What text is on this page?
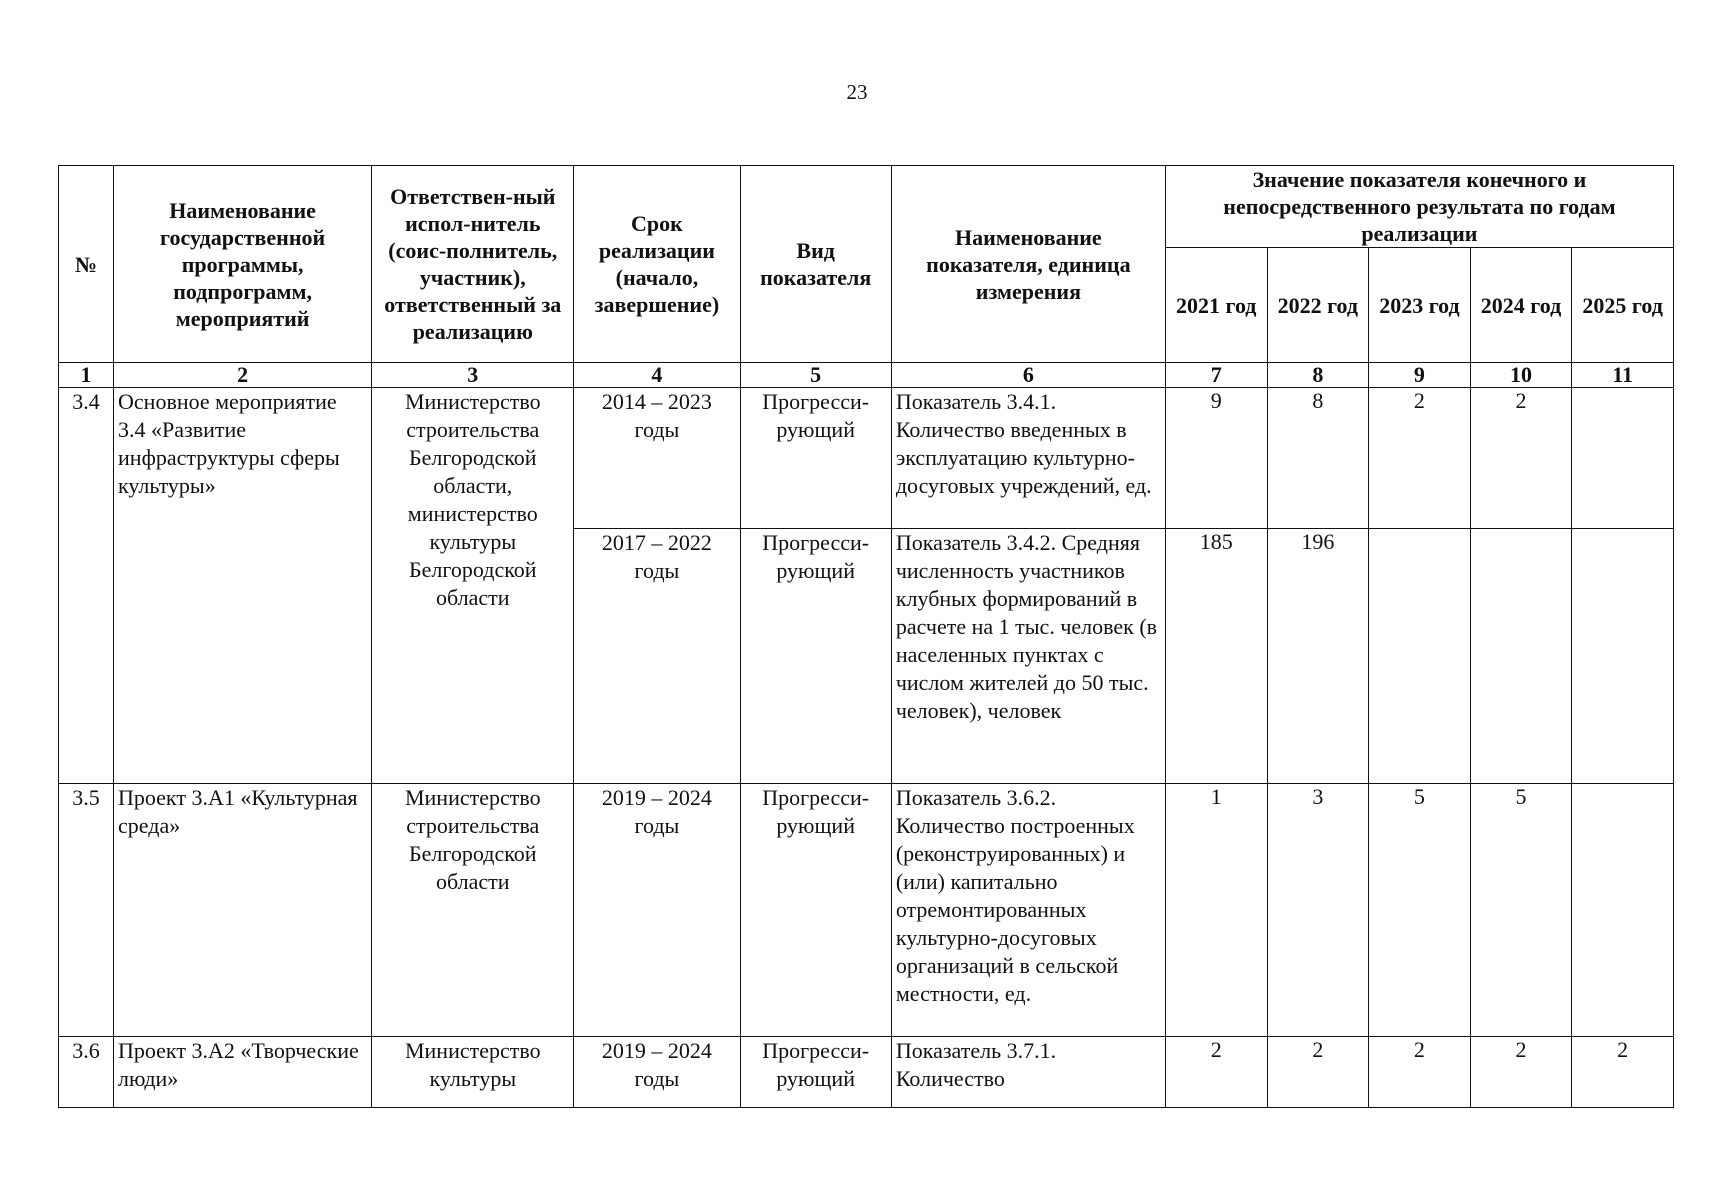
23
№	Наименование государственной программы, подпрограмм, мероприятий	Ответствен-ный испол-нитель (соис-полнитель, участник), ответственный за реализацию	Срок реализации (начало, завершение)	Вид показателя	Наименование показателя, единица измерения	Значение показателя конечного и непосредственного результата по годам реализации				
						2021 год	2022 год	2023 год	2024 год	2025 год
1	2	3	4	5	6	7	8	9	10	11
3.4	Основное мероприятие 3.4 «Развитие инфраструктуры сферы культуры»	Министерство строительства Белгородской области, министерство культуры Белгородской области	2014 – 2023 годы	Прогресси-рующий	Показатель 3.4.1. Количество введенных в эксплуатацию культурно-досуговых учреждений, ед.	9	8	2	2	
			2017 – 2022 годы	Прогресси-рующий	Показатель 3.4.2. Средняя численность участников клубных формирований в расчете на 1 тыс. человек (в населенных пунктах с числом жителей до 50 тыс. человек), человек	185	196			
3.5	Проект 3.А1 «Культурная среда»	Министерство строительства Белгородской области	2019 – 2024 годы	Прогресси-рующий	Показатель 3.6.2. Количество построенных (реконструированных) и (или) капитально отремонтированных культурно-досуговых организаций в сельской местности, ед.	1	3	5	5	
3.6	Проект 3.А2 «Творческие люди»	Министерство культуры	2019 – 2024 годы	Прогресси-рующий	Показатель 3.7.1. Количество	2	2	2	2	2
